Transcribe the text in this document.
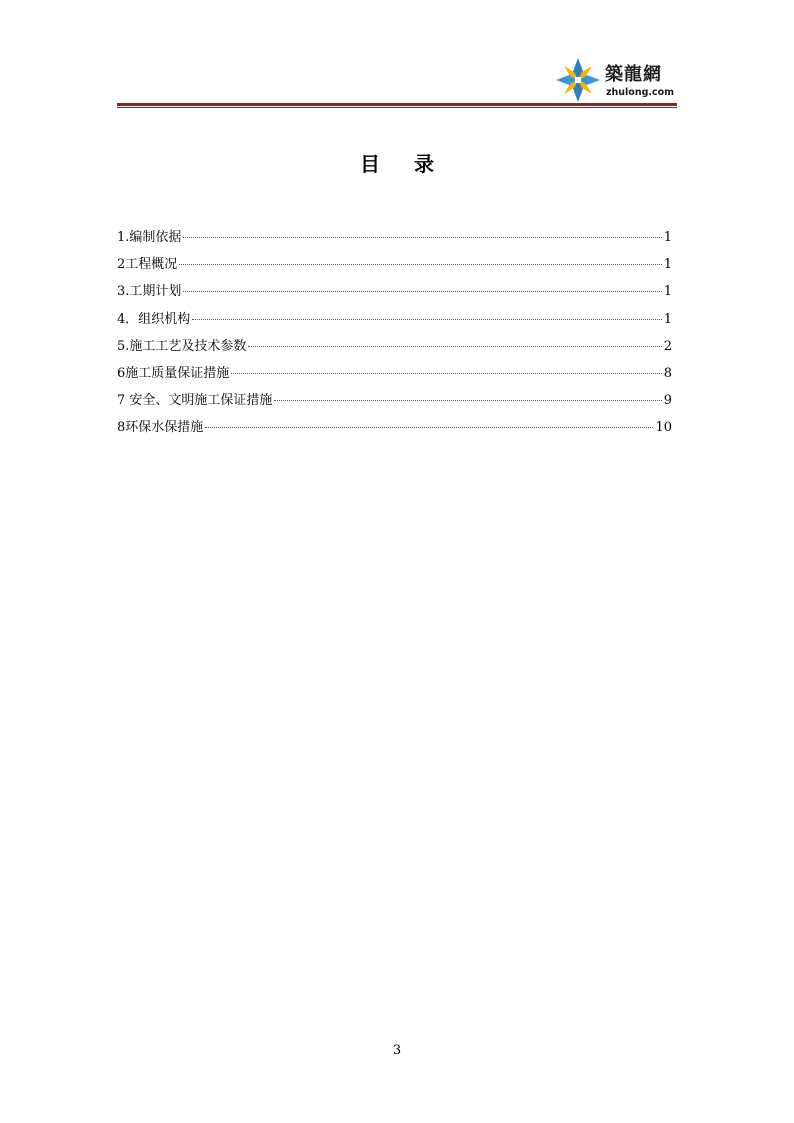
築龍網
zhulong.com
目 录
1.编制依据	1
2工程概况	1
3.工期计划	1
4．组织机构	1
5.施工工艺及技术参数	2
6施工质量保证措施	8
7 安全、文明施工保证措施	9
8环保水保措施	10
3
